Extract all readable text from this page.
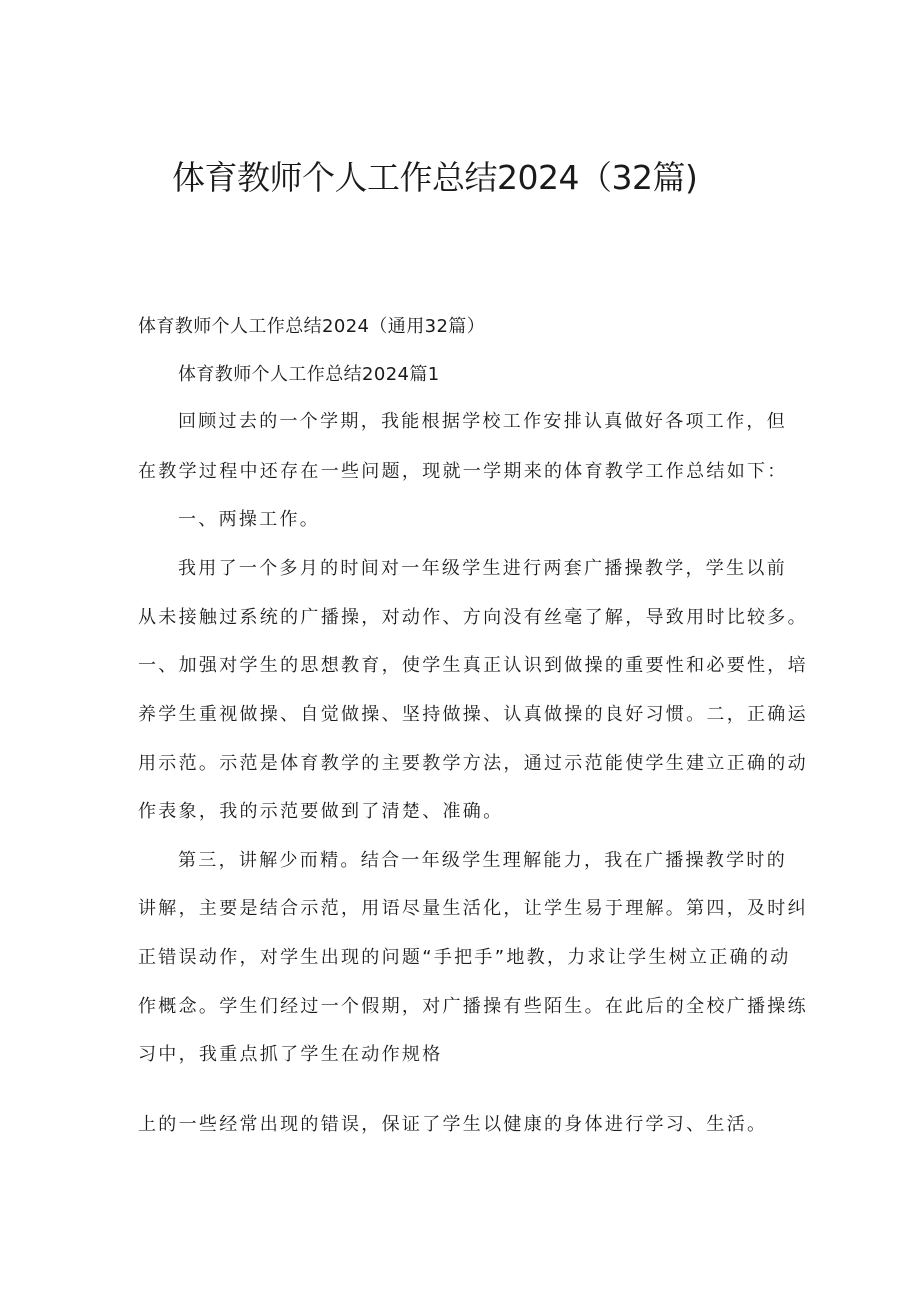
体育教师个人工作总结2024（32篇)
体育教师个人工作总结2024（通用32篇）
体育教师个人工作总结2024篇1
回顾过去的一个学期，我能根据学校工作安排认真做好各项工作，但
在教学过程中还存在一些问题，现就一学期来的体育教学工作总结如下：
一、两操工作。
我用了一个多月的时间对一年级学生进行两套广播操教学，学生以前
从未接触过系统的广播操，对动作、方向没有丝毫了解，导致用时比较多。
一、加强对学生的思想教育，使学生真正认识到做操的重要性和必要性，培
养学生重视做操、自觉做操、坚持做操、认真做操的良好习惯。二，正确运
用示范。示范是体育教学的主要教学方法，通过示范能使学生建立正确的动
作表象，我的示范要做到了清楚、准确。
第三，讲解少而精。结合一年级学生理解能力，我在广播操教学时的
讲解，主要是结合示范，用语尽量生活化，让学生易于理解。第四，及时纠
正错误动作，对学生出现的问题“手把手”地教，力求让学生树立正确的动
作概念。学生们经过一个假期，对广播操有些陌生。在此后的全校广播操练
习中，我重点抓了学生在动作规格
上的一些经常出现的错误，保证了学生以健康的身体进行学习、生活。
